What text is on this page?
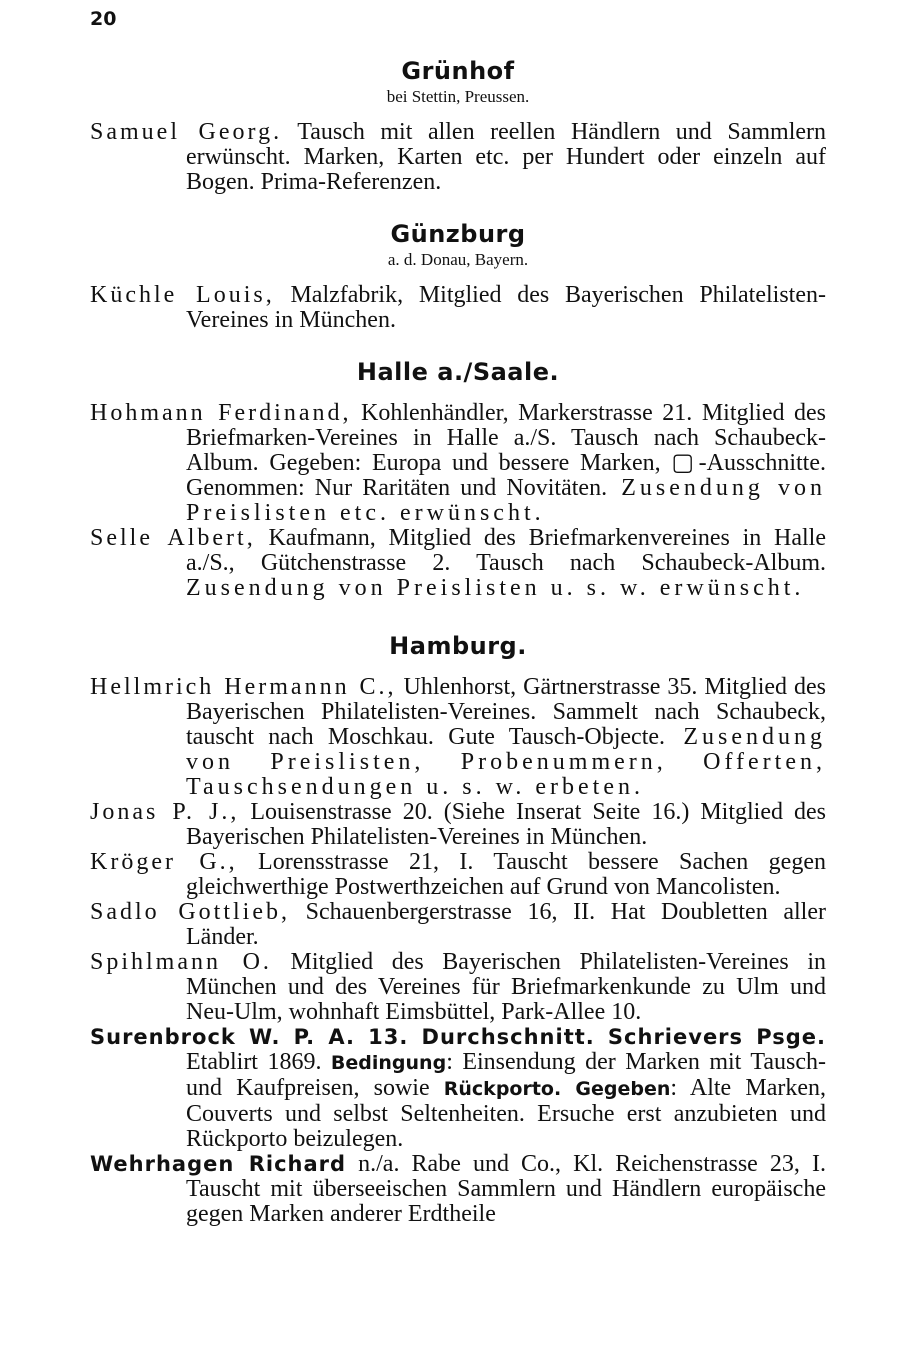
20
Grünhof
bei Stettin, Preussen.
Samuel Georg. Tausch mit allen reellen Händlern und Sammlern erwünscht. Marken, Karten etc. per Hundert oder einzeln auf Bogen. Prima-Referenzen.
Günzburg
a. d. Donau, Bayern.
Küchle Louis, Malzfabrik, Mitglied des Bayerischen Philatelisten-Vereines in München.
Halle a./Saale.
Hohmann Ferdinand, Kohlenhändler, Markerstrasse 21. Mitglied des Briefmarken-Vereines in Halle a./S. Tausch nach Schaubeck-Album. Gegeben: Europa und bessere Marken, ▢-Ausschnitte. Genommen: Nur Raritäten und Novitäten. Zusendung von Preislisten etc. erwünscht.
Selle Albert, Kaufmann, Mitglied des Briefmarkenvereines in Halle a./S., Gütchenstrasse 2. Tausch nach Schaubeck-Album. Zusendung von Preislisten u. s. w. erwünscht.
Hamburg.
Hellmrich Hermannn C., Uhlenhorst, Gärtnerstrasse 35. Mitglied des Bayerischen Philatelisten-Vereines. Sammelt nach Schaubeck, tauscht nach Moschkau. Gute Tausch-Objecte. Zusendung von Preislisten, Probenummern, Offerten, Tauschsendungen u. s. w. erbeten.
Jonas P. J., Louisenstrasse 20. (Siehe Inserat Seite 16.) Mitglied des Bayerischen Philatelisten-Vereines in München.
Kröger G., Lorensstrasse 21, I. Tauscht bessere Sachen gegen gleichwerthige Postwerthzeichen auf Grund von Mancolisten.
Sadlo Gottlieb, Schauenbergerstrasse 16, II. Hat Doubletten aller Länder.
Spihlmann O. Mitglied des Bayerischen Philatelisten-Vereines in München und des Vereines für Briefmarkenkunde zu Ulm und Neu-Ulm, wohnhaft Eimsbüttel, Park-Allee 10.
Surenbrock W. P. A. 13. Durchschnitt. Schrievers Psge. Etablirt 1869. Bedingung: Einsendung der Marken mit Tausch- und Kaufpreisen, sowie Rückporto. Gegeben: Alte Marken, Couverts und selbst Seltenheiten. Ersuche erst anzubieten und Rückporto beizulegen.
Wehrhagen Richard n./a. Rabe und Co., Kl. Reichenstrasse 23, I. Tauscht mit überseeischen Sammlern und Händlern europäische gegen Marken anderer Erdtheile
